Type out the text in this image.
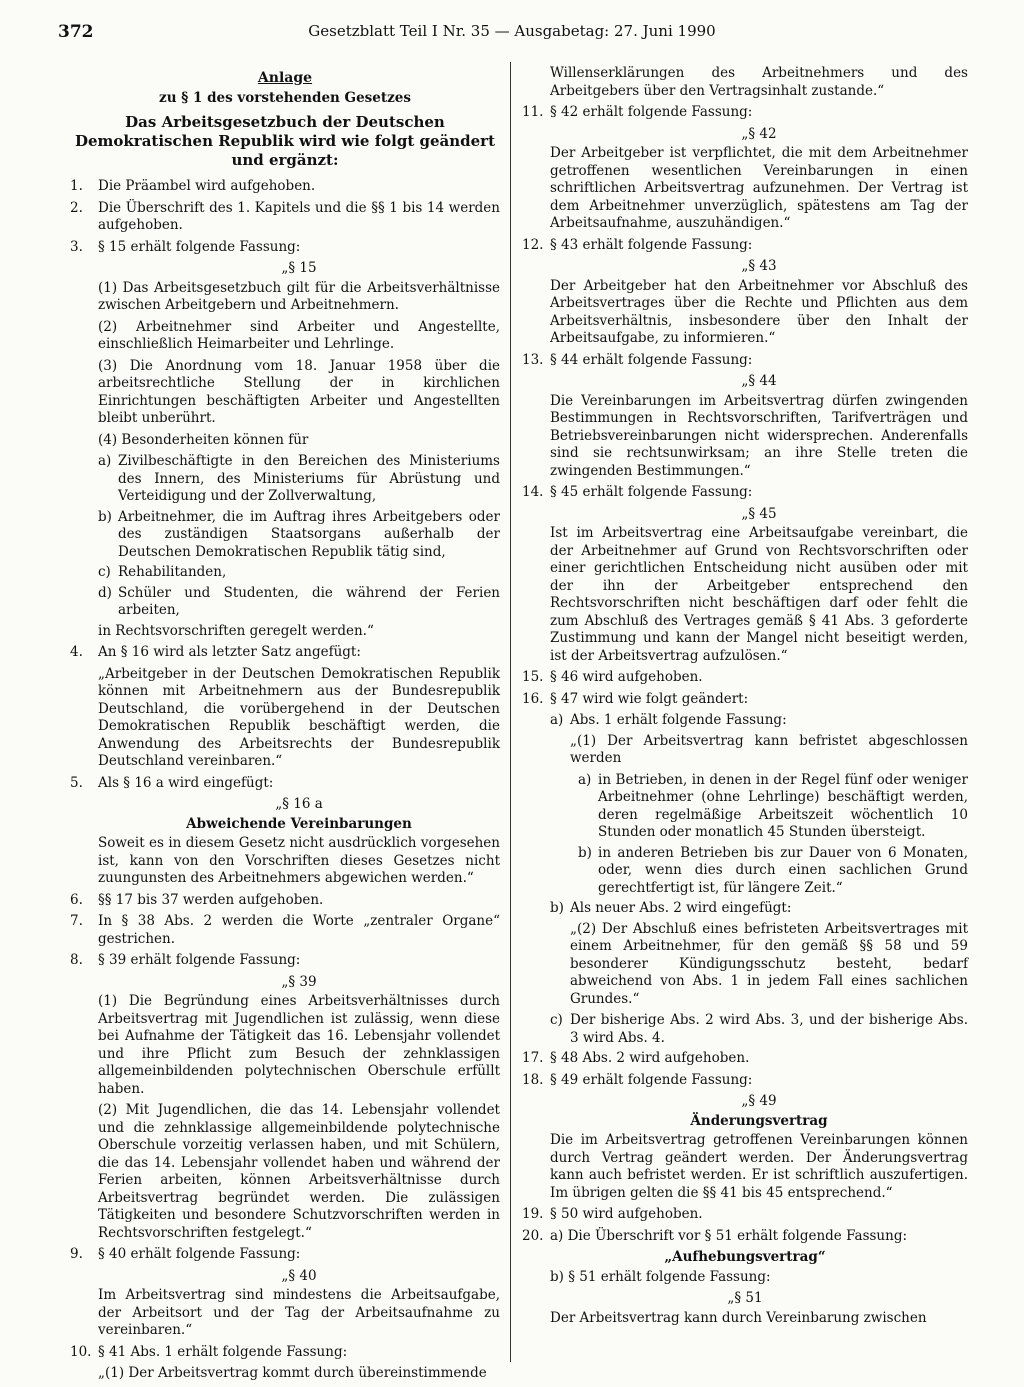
372	Gesetzblatt Teil I Nr. 35 — Ausgabetag: 27. Juni 1990
Anlage
zu § 1 des vorstehenden Gesetzes
Das Arbeitsgesetzbuch der Deutschen Demokratischen Republik wird wie folgt geändert und ergänzt:
1.	Die Präambel wird aufgehoben.
2.	Die Überschrift des 1. Kapitels und die §§ 1 bis 14 werden aufgehoben.
3.	§ 15 erhält folgende Fassung:
„§ 15
(1) Das Arbeitsgesetzbuch gilt für die Arbeitsverhältnisse zwischen Arbeitgebern und Arbeitnehmern.
(2) Arbeitnehmer sind Arbeiter und Angestellte, einschließlich Heimarbeiter und Lehrlinge.
(3) Die Anordnung vom 18. Januar 1958 über die arbeitsrechtliche Stellung der in kirchlichen Einrichtungen beschäftigten Arbeiter und Angestellten bleibt unberührt.
(4) Besonderheiten können für
a) Zivilbeschäftigte in den Bereichen des Ministeriums des Innern, des Ministeriums für Abrüstung und Verteidigung und der Zollverwaltung,
b) Arbeitnehmer, die im Auftrag ihres Arbeitgebers oder des zuständigen Staatsorgans außerhalb der Deutschen Demokratischen Republik tätig sind,
c) Rehabilitanden,
d) Schüler und Studenten, die während der Ferien arbeiten,
in Rechtsvorschriften geregelt werden.“
4.	An § 16 wird als letzter Satz angefügt:
„Arbeitgeber in der Deutschen Demokratischen Republik können mit Arbeitnehmern aus der Bundesrepublik Deutschland, die vorübergehend in der Deutschen Demokratischen Republik beschäftigt werden, die Anwendung des Arbeitsrechts der Bundesrepublik Deutschland vereinbaren.“
5.	Als § 16 a wird eingefügt:
„§ 16 a
Abweichende Vereinbarungen
Soweit es in diesem Gesetz nicht ausdrücklich vorgesehen ist, kann von den Vorschriften dieses Gesetzes nicht zuungunsten des Arbeitnehmers abgewichen werden.“
6.	§§ 17 bis 37 werden aufgehoben.
7.	In § 38 Abs. 2 werden die Worte „zentraler Organe“ gestrichen.
8.	§ 39 erhält folgende Fassung:
„§ 39
(1) Die Begründung eines Arbeitsverhältnisses durch Arbeitsvertrag mit Jugendlichen ist zulässig, wenn diese bei Aufnahme der Tätigkeit das 16. Lebensjahr vollendet und ihre Pflicht zum Besuch der zehnklassigen allgemeinbildenden polytechnischen Oberschule erfüllt haben.
(2) Mit Jugendlichen, die das 14. Lebensjahr vollendet und die zehnklassige allgemeinbildende polytechnische Oberschule vorzeitig verlassen haben, und mit Schülern, die das 14. Lebensjahr vollendet haben und während der Ferien arbeiten, können Arbeitsverhältnisse durch Arbeitsvertrag begründet werden. Die zulässigen Tätigkeiten und besondere Schutzvorschriften werden in Rechtsvorschriften festgelegt.“
9.	§ 40 erhält folgende Fassung:
„§ 40
Im Arbeitsvertrag sind mindestens die Arbeitsaufgabe, der Arbeitsort und der Tag der Arbeitsaufnahme zu vereinbaren.“
10. § 41 Abs. 1 erhält folgende Fassung:
„(1) Der Arbeitsvertrag kommt durch übereinstimmende
Willenserklärungen des Arbeitnehmers und des Arbeitgebers über den Vertragsinhalt zustande.“
11. § 42 erhält folgende Fassung:
„§ 42
Der Arbeitgeber ist verpflichtet, die mit dem Arbeitnehmer getroffenen wesentlichen Vereinbarungen in einen schriftlichen Arbeitsvertrag aufzunehmen. Der Vertrag ist dem Arbeitnehmer unverzüglich, spätestens am Tag der Arbeitsaufnahme, auszuhändigen.“
12. § 43 erhält folgende Fassung:
„§ 43
Der Arbeitgeber hat den Arbeitnehmer vor Abschluß des Arbeitsvertrages über die Rechte und Pflichten aus dem Arbeitsverhältnis, insbesondere über den Inhalt der Arbeitsaufgabe, zu informieren.“
13. § 44 erhält folgende Fassung:
„§ 44
Die Vereinbarungen im Arbeitsvertrag dürfen zwingenden Bestimmungen in Rechtsvorschriften, Tarifverträgen und Betriebsvereinbarungen nicht widersprechen. Anderenfalls sind sie rechtsunwirksam; an ihre Stelle treten die zwingenden Bestimmungen.“
14. § 45 erhält folgende Fassung:
„§ 45
Ist im Arbeitsvertrag eine Arbeitsaufgabe vereinbart, die der Arbeitnehmer auf Grund von Rechtsvorschriften oder einer gerichtlichen Entscheidung nicht ausüben oder mit der ihn der Arbeitgeber entsprechend den Rechtsvorschriften nicht beschäftigen darf oder fehlt die zum Abschluß des Vertrages gemäß § 41 Abs. 3 geforderte Zustimmung und kann der Mangel nicht beseitigt werden, ist der Arbeitsvertrag aufzulösen.“
15. § 46 wird aufgehoben.
16. § 47 wird wie folgt geändert:
a) Abs. 1 erhält folgende Fassung:
„(1) Der Arbeitsvertrag kann befristet abgeschlossen werden
a) in Betrieben, in denen in der Regel fünf oder weniger Arbeitnehmer (ohne Lehrlinge) beschäftigt werden, deren regelmäßige Arbeitszeit wöchentlich 10 Stunden oder monatlich 45 Stunden übersteigt.
b) in anderen Betrieben bis zur Dauer von 6 Monaten, oder, wenn dies durch einen sachlichen Grund gerechtfertigt ist, für längere Zeit.“
b) Als neuer Abs. 2 wird eingefügt:
„(2) Der Abschluß eines befristeten Arbeitsvertrages mit einem Arbeitnehmer, für den gemäß §§ 58 und 59 besonderer Kündigungsschutz besteht, bedarf abweichend von Abs. 1 in jedem Fall eines sachlichen Grundes.“
c) Der bisherige Abs. 2 wird Abs. 3, und der bisherige Abs. 3 wird Abs. 4.
17. § 48 Abs. 2 wird aufgehoben.
18. § 49 erhält folgende Fassung:
„§ 49
Änderungsvertrag
Die im Arbeitsvertrag getroffenen Vereinbarungen können durch Vertrag geändert werden. Der Änderungsvertrag kann auch befristet werden. Er ist schriftlich auszufertigen. Im übrigen gelten die §§ 41 bis 45 entsprechend.“
19. § 50 wird aufgehoben.
20. a) Die Überschrift vor § 51 erhält folgende Fassung:
„Aufhebungsvertrag“
b) § 51 erhält folgende Fassung:
„§ 51
Der Arbeitsvertrag kann durch Vereinbarung zwischen
